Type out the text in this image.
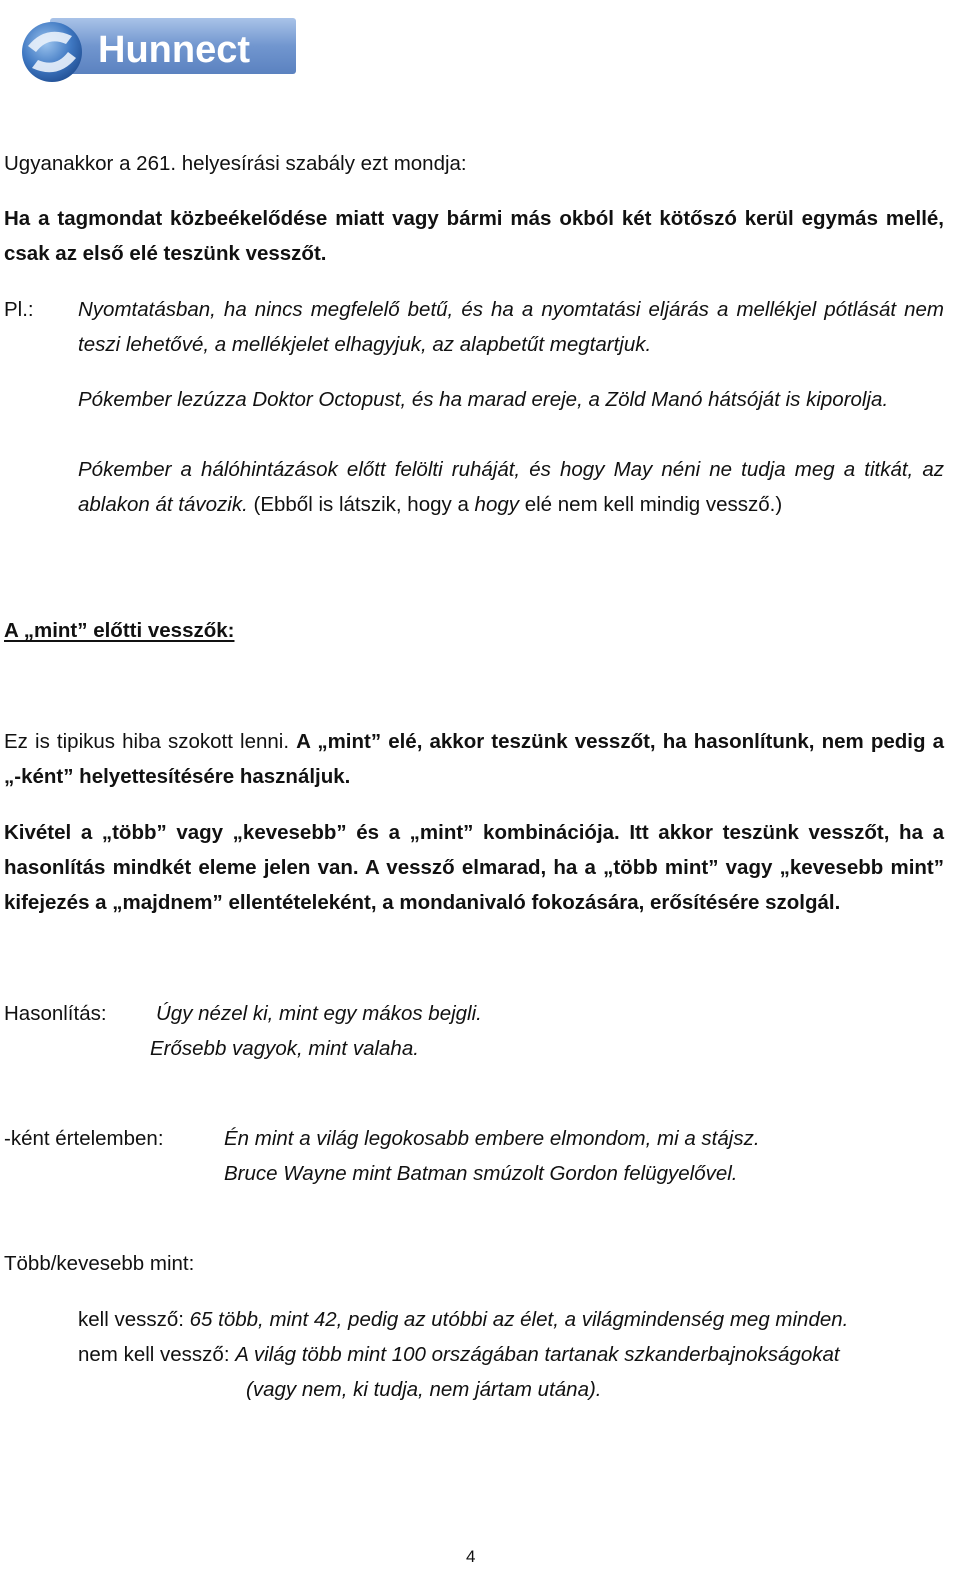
Hunnect
Ugyanakkor a 261. helyesírási szabály ezt mondja:
Ha a tagmondat közbeékelődése miatt vagy bármi más okból két kötőszó kerül egymás mellé, csak az első elé teszünk vesszőt.
Pl.: Nyomtatásban, ha nincs megfelelő betű, és ha a nyomtatási eljárás a mellékjel pótlását nem teszi lehetővé, a mellékjelet elhagyjuk, az alapbetűt megtartjuk.
Pókember lezúzza Doktor Octopust, és ha marad ereje, a Zöld Manó hátsóját is kiporolja.
Pókember a hálóhintázások előtt felölti ruháját, és hogy May néni ne tudja meg a titkát, az ablakon át távozik. (Ebből is látszik, hogy a hogy elé nem kell mindig vessző.)
A „mint” előtti vesszők:
Ez is tipikus hiba szokott lenni. A „mint” elé, akkor teszünk vesszőt, ha hasonlítunk, nem pedig a „-ként” helyettesítésére használjuk.
Kivétel a „több” vagy „kevesebb” és a „mint” kombinációja. Itt akkor teszünk vesszőt, ha a hasonlítás mindkét eleme jelen van. A vessző elmarad, ha a „több mint” vagy „kevesebb mint” kifejezés a „majdnem” ellentételeként, a mondanivaló fokozására, erősítésére szolgál.
Hasonlítás: Úgy nézel ki, mint egy mákos bejgli.
Erősebb vagyok, mint valaha.
-ként értelemben:	Én mint a világ legokosabb embere elmondom, mi a stájsz.
Bruce Wayne mint Batman smúzolt Gordon felügyelővel.
Több/kevesebb mint:
kell vessző: 65 több, mint 42, pedig az utóbbi az élet, a világmindenség meg minden.
nem kell vessző: A világ több mint 100 országában tartanak szkanderbajnokságokat
(vagy nem, ki tudja, nem jártam utána).
4
